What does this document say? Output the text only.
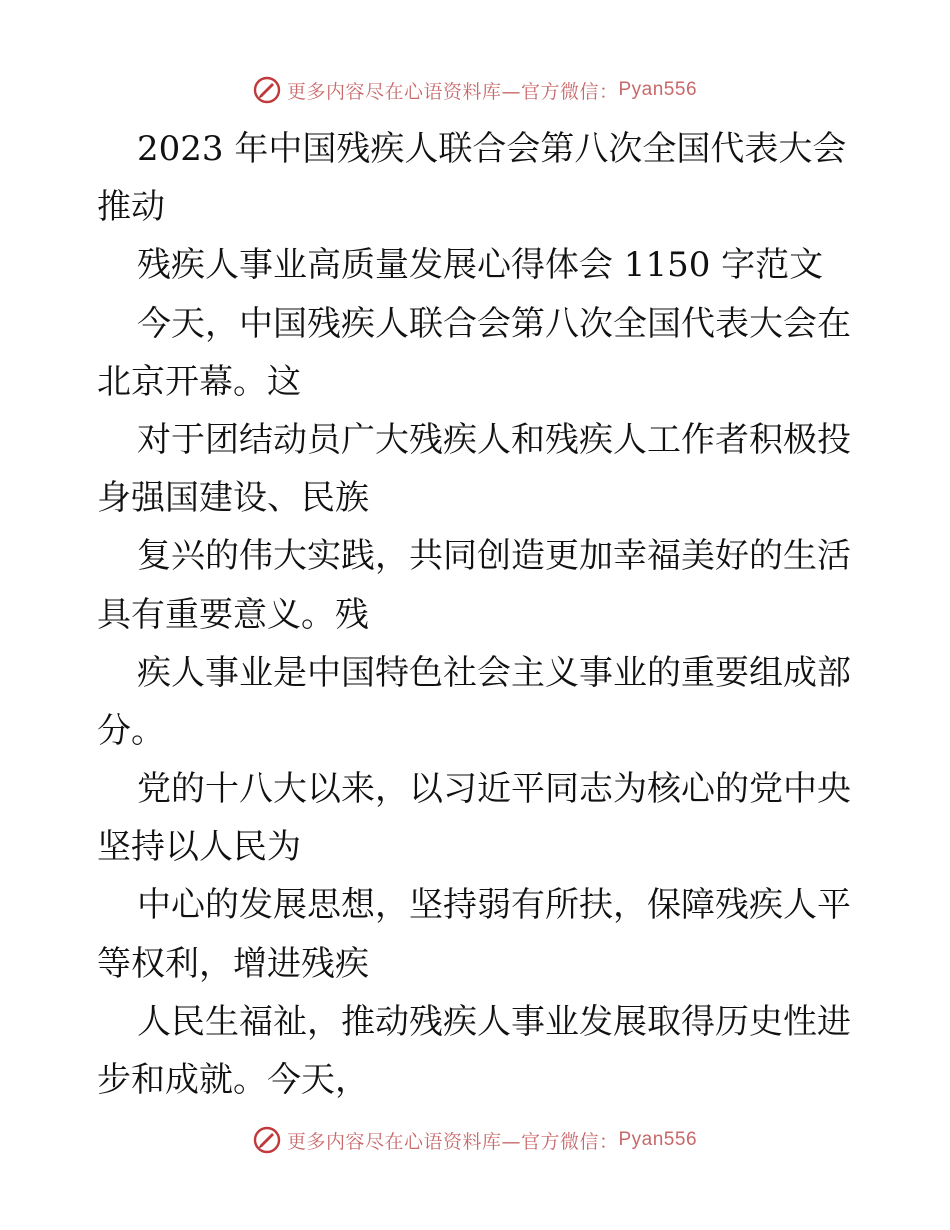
更多内容尽在心语资料库—官方微信： Pyan556
2023 年中国残疾人联合会第八次全国代表大会
推动
残疾人事业高质量发展心得体会 1150 字范文
今天，中国残疾人联合会第八次全国代表大会在
北京开幕。这
对于团结动员广大残疾人和残疾人工作者积极投
身强国建设、民族
复兴的伟大实践，共同创造更加幸福美好的生活
具有重要意义。残
疾人事业是中国特色社会主义事业的重要组成部
分。
党的十八大以来，以习近平同志为核心的党中央
坚持以人民为
中心的发展思想，坚持弱有所扶，保障残疾人平
等权利，增进残疾
人民生福祉，推动残疾人事业发展取得历史性进
步和成就。今天，
更多内容尽在心语资料库—官方微信： Pyan556
